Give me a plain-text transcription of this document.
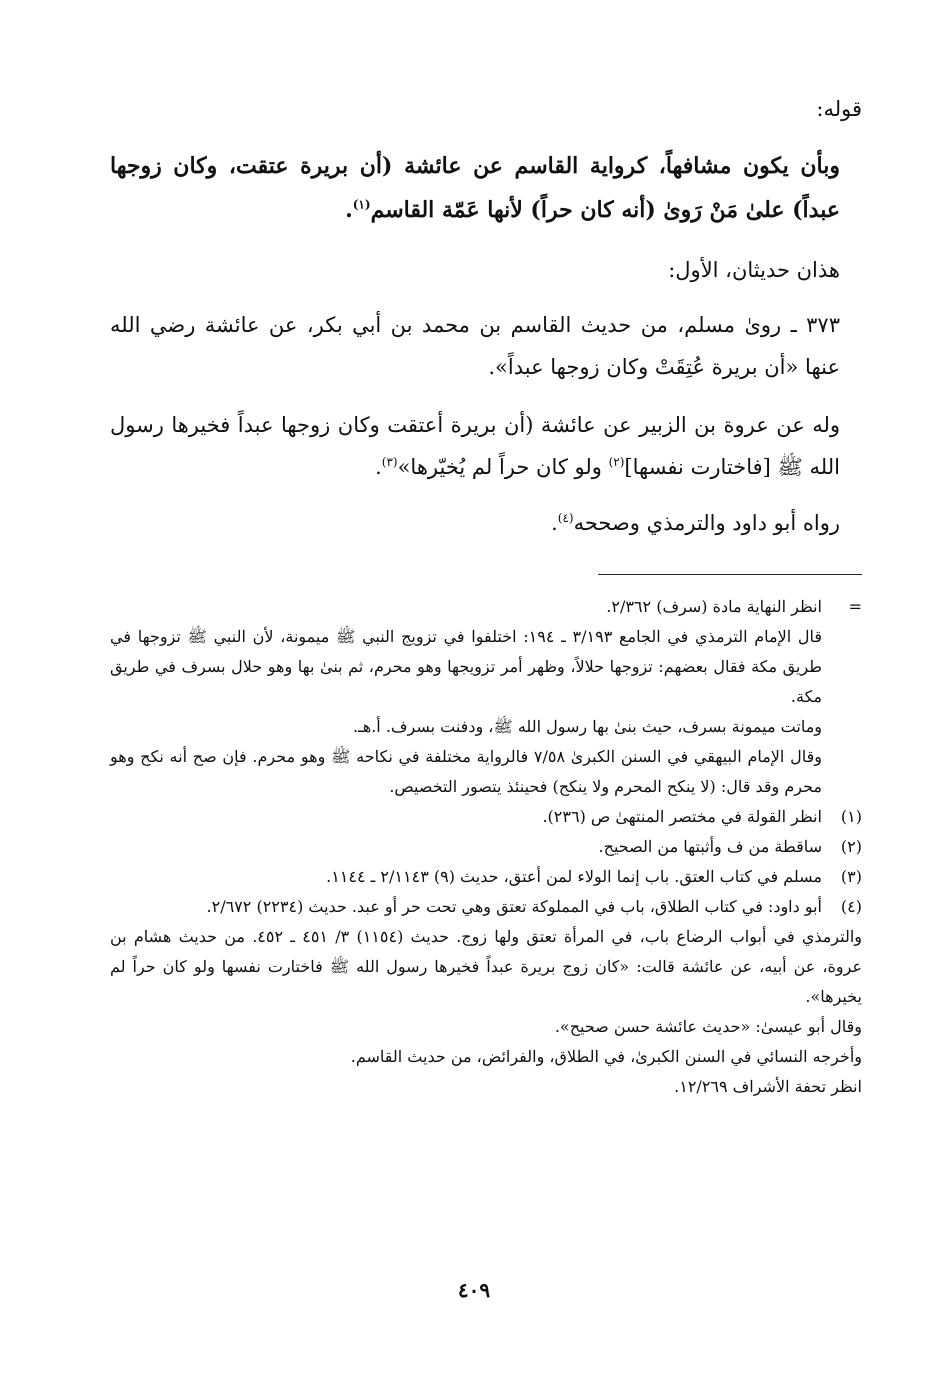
قوله:

وبأن يكون مشافهاً، كرواية القاسم عن عائشة (أن بريرة عتقت، وكان زوجها عبداً) علىٰ مَنْ رَوىٰ (أنه كان حراً) لأنها عَمّة القاسم$^{(١)}$.

هذان حديثان، الأول:

٣٧٣ ـ روىٰ مسلم، من حديث القاسم بن محمد بن أبي بكر، عن عائشة رضي الله عنها «أن بريرة عُتِقَتْ وكان زوجها عبداً».

وله عن عروة بن الزبير عن عائشة (أن بريرة أعتقت وكان زوجها عبداً فخيرها رسول الله ﷺ [فاختارت نفسها]$^{(٢)}$ ولو كان حراً لم يُخيّرها»$^{(٣)}$.

رواه أبو داود والترمذي وصححه$^{(٤)}$.

=
انظر النهاية مادة (سرف) ٢/٣٦٢.
قال الإمام الترمذي في الجامع ٣/١٩٣ ـ ١٩٤: اختلفوا في تزويج النبي ﷺ ميمونة، لأن النبي ﷺ تزوجها في طريق مكة فقال بعضهم: تزوجها حلالاً، وظهر أمر تزويجها وهو محرم، ثم بنىٰ بها وهو حلال بسرف في طريق مكة.
وماتت ميمونة بسرف، حيث بنىٰ بها رسول الله ﷺ، ودفنت بسرف. أ.هـ.
وقال الإمام البيهقي في السنن الكبرىٰ ٧/٥٨ فالرواية مختلفة في نكاحه ﷺ وهو محرم. فإن صح أنه نكح وهو محرم وقد قال: (لا ينكح المحرم ولا ينكح) فحينئذ يتصور التخصيص.
(١)
انظر القولة في مختصر المنتهىٰ ص (٢٣٦).
(٢)
ساقطة من ف وأثبتها من الصحيح.
(٣)
مسلم في كتاب العتق. باب إنما الولاء لمن أعتق، حديث (٩) ٢/١١٤٣ ـ ١١٤٤.
(٤)
أبو داود: في كتاب الطلاق، باب في المملوكة تعتق وهي تحت حر أو عبد. حديث (٢٢٣٤) ٢/٦٧٢.
والترمذي في أبواب الرضاع باب، في المرأة تعتق ولها زوج. حديث (١١٥٤) ٣/ ٤٥١ ـ ٤٥٢. من حديث هشام بن عروة، عن أبيه، عن عائشة قالت: «كان زوج بريرة عبداً فخيرها رسول الله ﷺ فاختارت نفسها ولو كان حراً لم يخيرها».
وقال أبو عيسىٰ: «حديث عائشة حسن صحيح».
وأخرجه النسائي في السنن الكبرىٰ، في الطلاق، والفرائض، من حديث القاسم.
انظر تحفة الأشراف ١٢/٢٦٩.
٤٠٩
